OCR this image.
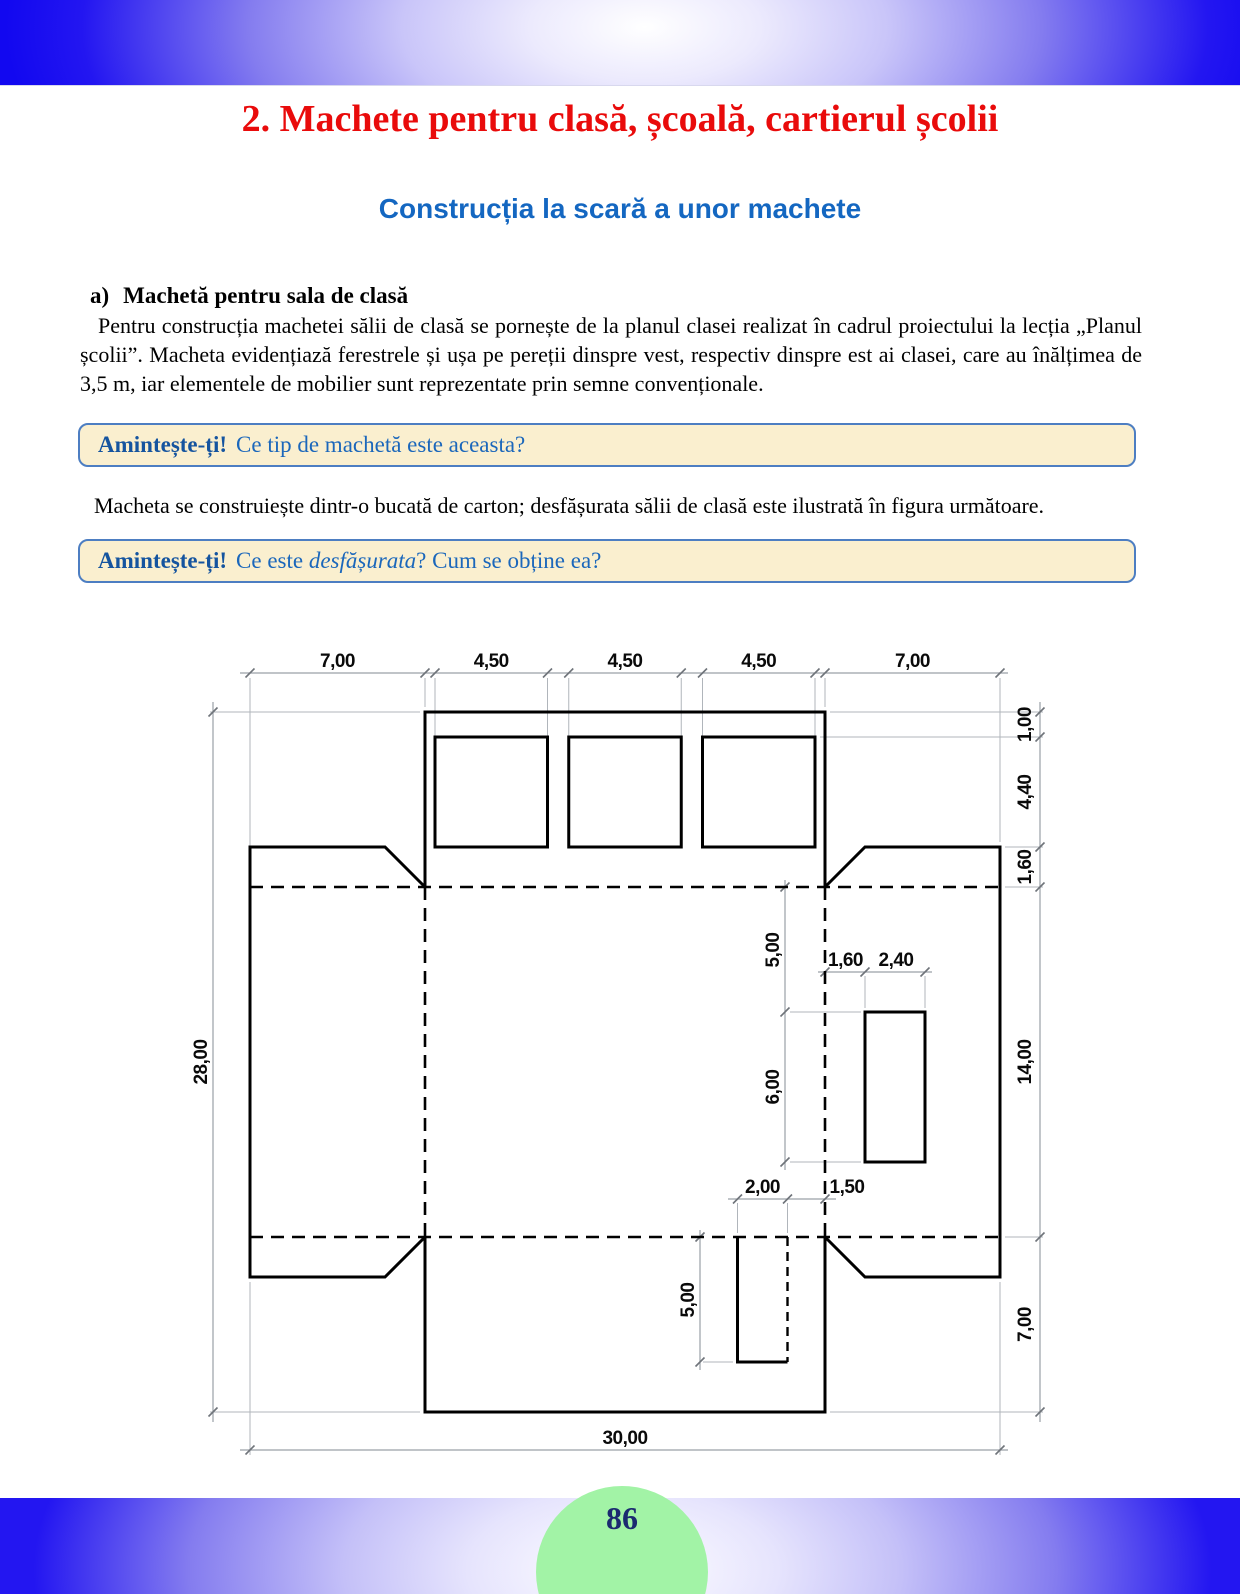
2. Machete pentru clasă, școală, cartierul școlii
Construcția la scară a unor machete
a) Machetă pentru sala de clasă
Pentru construcția machetei sălii de clasă se pornește de la planul clasei realizat în cadrul proiectului la lecția „Planul școlii”. Macheta evidențiază ferestrele și ușa pe pereții dinspre vest, respectiv dinspre est ai clasei, care au înălțimea de 3,5 m, iar elementele de mobilier sunt reprezentate prin semne convenționale.
Amintește-ți! Ce tip de machetă este aceasta?
Macheta se construiește dintr-o bucată de carton; desfășurata sălii de clasă este ilustrată în figura următoare.
Amintește-ți! Ce este desfășurata? Cum se obține ea?
7,00	4,50	4,50	4,50	7,00
30,00
28,00
1,00
4,40
1,60
14,00
7,00
5,00
6,00
1,60 2,40
2,00	1,50
5,00
86
